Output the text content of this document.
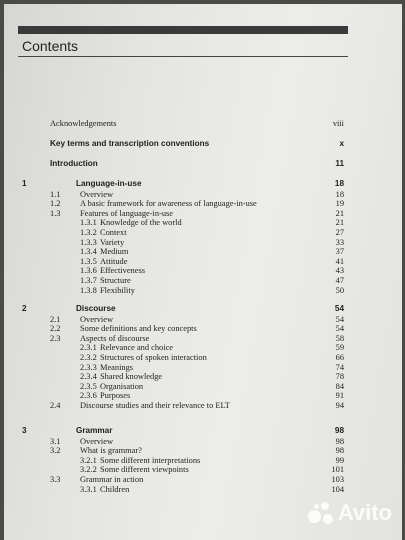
Contents
Acknowledgements	viii
Key terms and transcription conventions	x
Introduction	11
1	Language-in-use	18
1.1 Overview	18
1.2 A basic framework for awareness of language-in-use	19
1.3 Features of language-in-use	21
1.3.1 Knowledge of the world	21
1.3.2 Context	27
1.3.3 Variety	33
1.3.4 Medium	37
1.3.5 Attitude	41
1.3.6 Effectiveness	43
1.3.7 Structure	47
1.3.8 Flexibility	50
2	Discourse	54
2.1 Overview	54
2.2 Some definitions and key concepts	54
2.3 Aspects of discourse	58
2.3.1 Relevance and choice	59
2.3.2 Structures of spoken interaction	66
2.3.3 Meanings	74
2.3.4 Shared knowledge	78
2.3.5 Organisation	84
2.3.6 Purposes	91
2.4 Discourse studies and their relevance to ELT	94
3	Grammar	98
3.1 Overview	98
3.2 What is grammar?	98
3.2.1 Some different interpretations	99
3.2.2 Some different viewpoints	101
3.3 Grammar in action	103
3.3.1 Children	104
Avito
